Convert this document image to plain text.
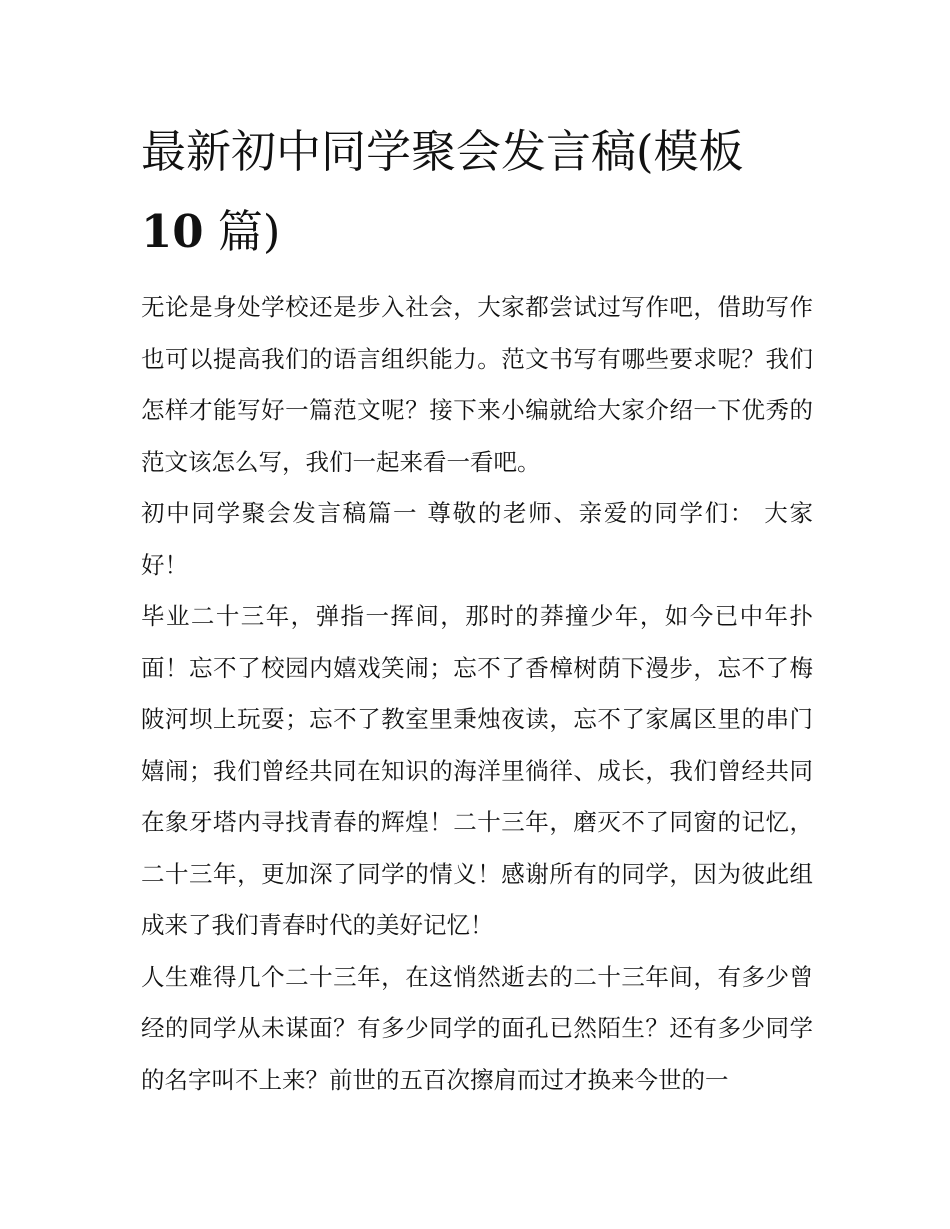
最新初中同学聚会发言稿(模板
10 篇)

无论是身处学校还是步入社会，大家都尝试过写作吧，借助写作也可以提高我们的语言组织能力。范文书写有哪些要求呢？我们怎样才能写好一篇范文呢？接下来小编就给大家介绍一下优秀的范文该怎么写，我们一起来看一看吧。

初中同学聚会发言稿篇一 尊敬的老师、亲爱的同学们： 大家好！

毕业二十三年，弹指一挥间，那时的莽撞少年，如今已中年扑面！忘不了校园内嬉戏笑闹；忘不了香樟树荫下漫步，忘不了梅陂河坝上玩耍；忘不了教室里秉烛夜读，忘不了家属区里的串门嬉闹；我们曾经共同在知识的海洋里徜徉、成长，我们曾经共同在象牙塔内寻找青春的辉煌！二十三年，磨灭不了同窗的记忆，二十三年，更加深了同学的情义！感谢所有的同学，因为彼此组成来了我们青春时代的美好记忆！

人生难得几个二十三年，在这悄然逝去的二十三年间，有多少曾经的同学从未谋面？有多少同学的面孔已然陌生？还有多少同学的名字叫不上来？前世的五百次擦肩而过才换来今世的一
